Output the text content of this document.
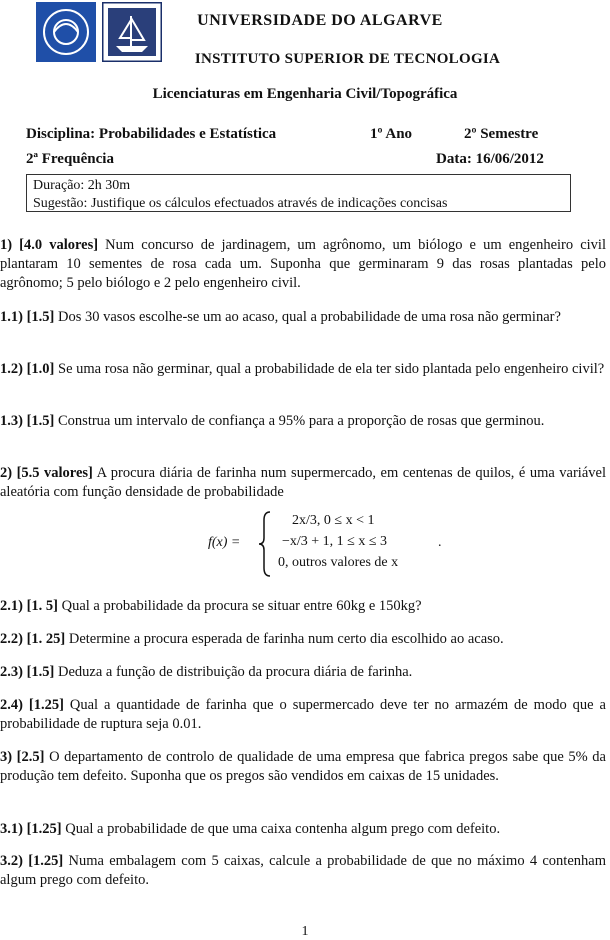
UNIVERSIDADE DO ALGARVE
INSTITUTO SUPERIOR DE TECNOLOGIA
Licenciaturas em Engenharia Civil/Topográfica
Disciplina: Probabilidades e Estatística	1º Ano	2º Semestre
2ª Frequência	Data: 16/06/2012
Duração: 2h 30m
Sugestão: Justifique os cálculos efectuados através de indicações concisas
1) [4.0 valores] Num concurso de jardinagem, um agrônomo, um biólogo e um engenheiro civil plantaram 10 sementes de rosa cada um. Suponha que germinaram 9 das rosas plantadas pelo agrônomo; 5 pelo biólogo e 2 pelo engenheiro civil.
1.1) [1.5] Dos 30 vasos escolhe-se um ao acaso, qual a probabilidade de uma rosa não germinar?
1.2) [1.0] Se uma rosa não germinar, qual a probabilidade de ela ter sido plantada pelo engenheiro civil?
1.3) [1.5] Construa um intervalo de confiança a 95% para a proporção de rosas que germinou.
2) [5.5 valores] A procura diária de farinha num supermercado, em centenas de quilos, é uma variável aleatória com função densidade de probabilidade
f(x) =
2x/3, 0 ≤ x < 1
−x/3 + 1, 1 ≤ x ≤ 3
0, outros valores de x
.
2.1) [1. 5] Qual a probabilidade da procura se situar entre 60kg e 150kg?
2.2) [1. 25] Determine a procura esperada de farinha num certo dia escolhido ao acaso.
2.3) [1.5] Deduza a função de distribuição da procura diária de farinha.
2.4) [1.25] Qual a quantidade de farinha que o supermercado deve ter no armazém de modo que a probabilidade de ruptura seja 0.01.
3) [2.5] O departamento de controlo de qualidade de uma empresa que fabrica pregos sabe que 5% da produção tem defeito. Suponha que os pregos são vendidos em caixas de 15 unidades.
3.1) [1.25] Qual a probabilidade de que uma caixa contenha algum prego com defeito.
3.2) [1.25] Numa embalagem com 5 caixas, calcule a probabilidade de que no máximo 4 contenham algum prego com defeito.
1
